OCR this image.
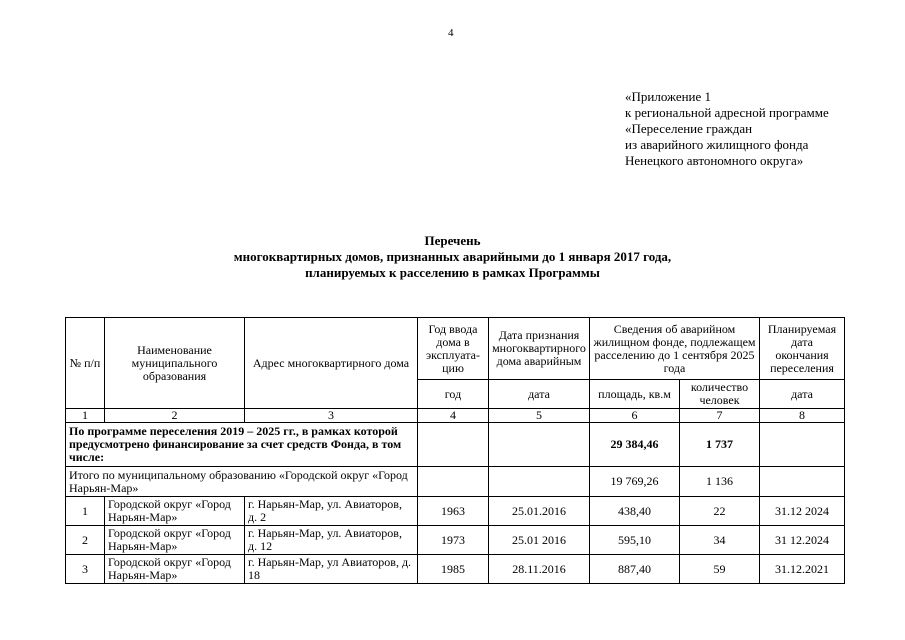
4
«Приложение 1
к региональной адресной программе
«Переселение граждан
из аварийного жилищного фонда
Ненецкого автономного округа»
Перечень
многоквартирных домов, признанных аварийными до 1 января 2017 года,
планируемых к расселению в рамках Программы
№ п/п	Наименование муниципального образования	Адрес многоквартирного дома	Год ввода дома в эксплуата-цию	Дата признания многоквартирного дома аварийным	Сведения об аварийном жилищном фонде, подлежащем расселению до 1 сентября 2025 года		Планируемая дата окончания переселения
			год	дата	площадь, кв.м	количество человек	дата
1	2	3	4	5	6	7	8
По программе переселения 2019 – 2025 гг., в рамках которой предусмотрено финансирование за счет средств Фонда, в том числе:					29 384,46	1 737	
Итого по муниципальному образованию «Городской округ «Город Нарьян-Мар»					19 769,26	1 136	
1	Городской округ «Город Нарьян-Мар»	г. Нарьян-Мар, ул. Авиаторов, д. 2	1963	25.01.2016	438,40	22	31.12 2024
2	Городской округ «Город Нарьян-Мар»	г. Нарьян-Мар, ул. Авиаторов, д. 12	1973	25.01 2016	595,10	34	31 12.2024
3	Городской округ «Город Нарьян-Мар»	г. Нарьян-Мар, ул Авиаторов, д. 18	1985	28.11.2016	887,40	59	31.12.2021
